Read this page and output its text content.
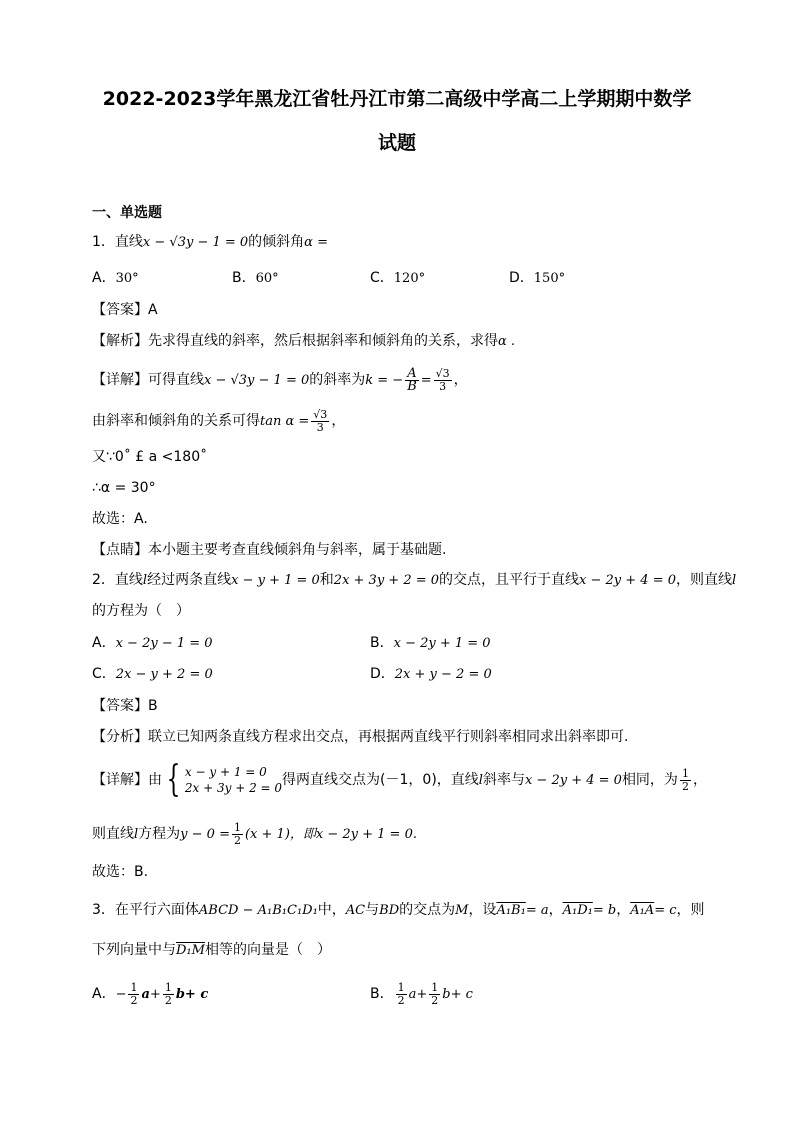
2022-2023学年黑龙江省牡丹江市第二高级中学高二上学期期中数学
试题
一、单选题
1．直线x − √3y − 1 = 0的倾斜角α =
A．30°	B．60°	C．120°	D．150°
【答案】A
【解析】先求得直线的斜率，然后根据斜率和倾斜角的关系，求得α .
【详解】可得直线x − √3y − 1 = 0的斜率为k = − $\frac{A}{B} = \frac{√3}{3}$ ，
由斜率和倾斜角的关系可得$\tan \alpha = \frac{√3}{3}$ ，
又∵0˚ £ a <180˚
∴α = 30°
故选：A.
【点睛】本小题主要考查直线倾斜角与斜率，属于基础题.
2．直线l经过两条直线x − y + 1 = 0和2x + 3y + 2 = 0的交点，且平行于直线x − 2y + 4 = 0，则直线l
的方程为（　）
A．x − 2y − 1 = 0	B．x − 2y + 1 = 0
C．2x − y + 2 = 0	D．2x + y − 2 = 0
【答案】B
【分析】联立已知两条直线方程求出交点，再根据两直线平行则斜率相同求出斜率即可.
【详解】由 { x − y + 1 = 0
2x + 3y + 2 = 0 得两直线交点为(－1，0)，直线l斜率与x − 2y + 4 = 0相同，为 $\frac{1}{2}$ ，
则直线l方程为$y - 0 = \frac{1}{2} (x + 1)$，即x − 2y + 1 = 0.
故选：B.
3．在平行六面体ABCD − A₁B₁C₁D₁中，AC与BD的交点为M，设A₁B₁= a，A₁D₁= b，A₁A= c，则
下列向量中与D₁M相等的向量是（　）
A．− $\frac{1}{2} a+ \frac{1}{2} b+ c$	B． $\frac{1}{2} a+ \frac{1}{2} b+ c$
